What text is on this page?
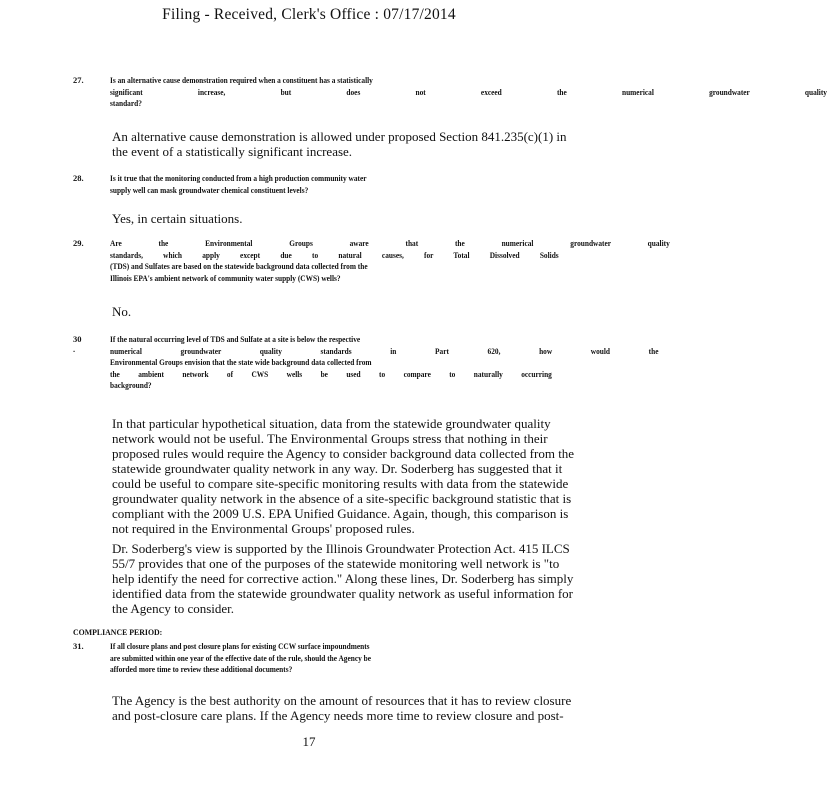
Filing - Received, Clerk's Office : 07/17/2014
27.	Is an alternative cause demonstration required when a constituent has a statistically
significant increase, but does not exceed the numerical groundwater quality
standard?
An alternative cause demonstration is allowed under proposed Section 841.235(c)(1) in
the event of a statistically significant increase.
28.	Is it true that the monitoring conducted from a high production community water
supply well can mask groundwater chemical constituent levels?
Yes, in certain situations.
29.	Are the Environmental Groups aware that the numerical groundwater quality
standards, which apply except due to natural causes, for Total Dissolved Solids
(TDS) and Sulfates are based on the statewide background data collected from the
Illinois EPA's ambient network of community water supply (CWS) wells?
No.
30 .
If the natural occurring level of TDS and Sulfate at a site is below the respective
numerical groundwater quality standards in Part 620, how would the
Environmental Groups envision that the state wide background data collected from
the ambient network of CWS wells be used to compare to naturally occurring
background?
In that particular hypothetical situation, data from the statewide groundwater quality
network would not be useful. The Environmental Groups stress that nothing in their
proposed rules would require the Agency to consider background data collected from the
statewide groundwater quality network in any way. Dr. Soderberg has suggested that it
could be useful to compare site-specific monitoring results with data from the statewide
groundwater quality network in the absence of a site-specific background statistic that is
compliant with the 2009 U.S. EPA Unified Guidance. Again, though, this comparison is
not required in the Environmental Groups' proposed rules.
Dr. Soderberg's view is supported by the Illinois Groundwater Protection Act. 415 ILCS
55/7 provides that one of the purposes of the statewide monitoring well network is "to
help identify the need for corrective action." Along these lines, Dr. Soderberg has simply
identified data from the statewide groundwater quality network as useful information for
the Agency to consider.
COMPLIANCE PERIOD:
31.	If all closure plans and post closure plans for existing CCW surface impoundments
are submitted within one year of the effective date of the rule, should the Agency be
afforded more time to review these additional documents?
The Agency is the best authority on the amount of resources that it has to review closure
and post-closure care plans. If the Agency needs more time to review closure and post-
17
